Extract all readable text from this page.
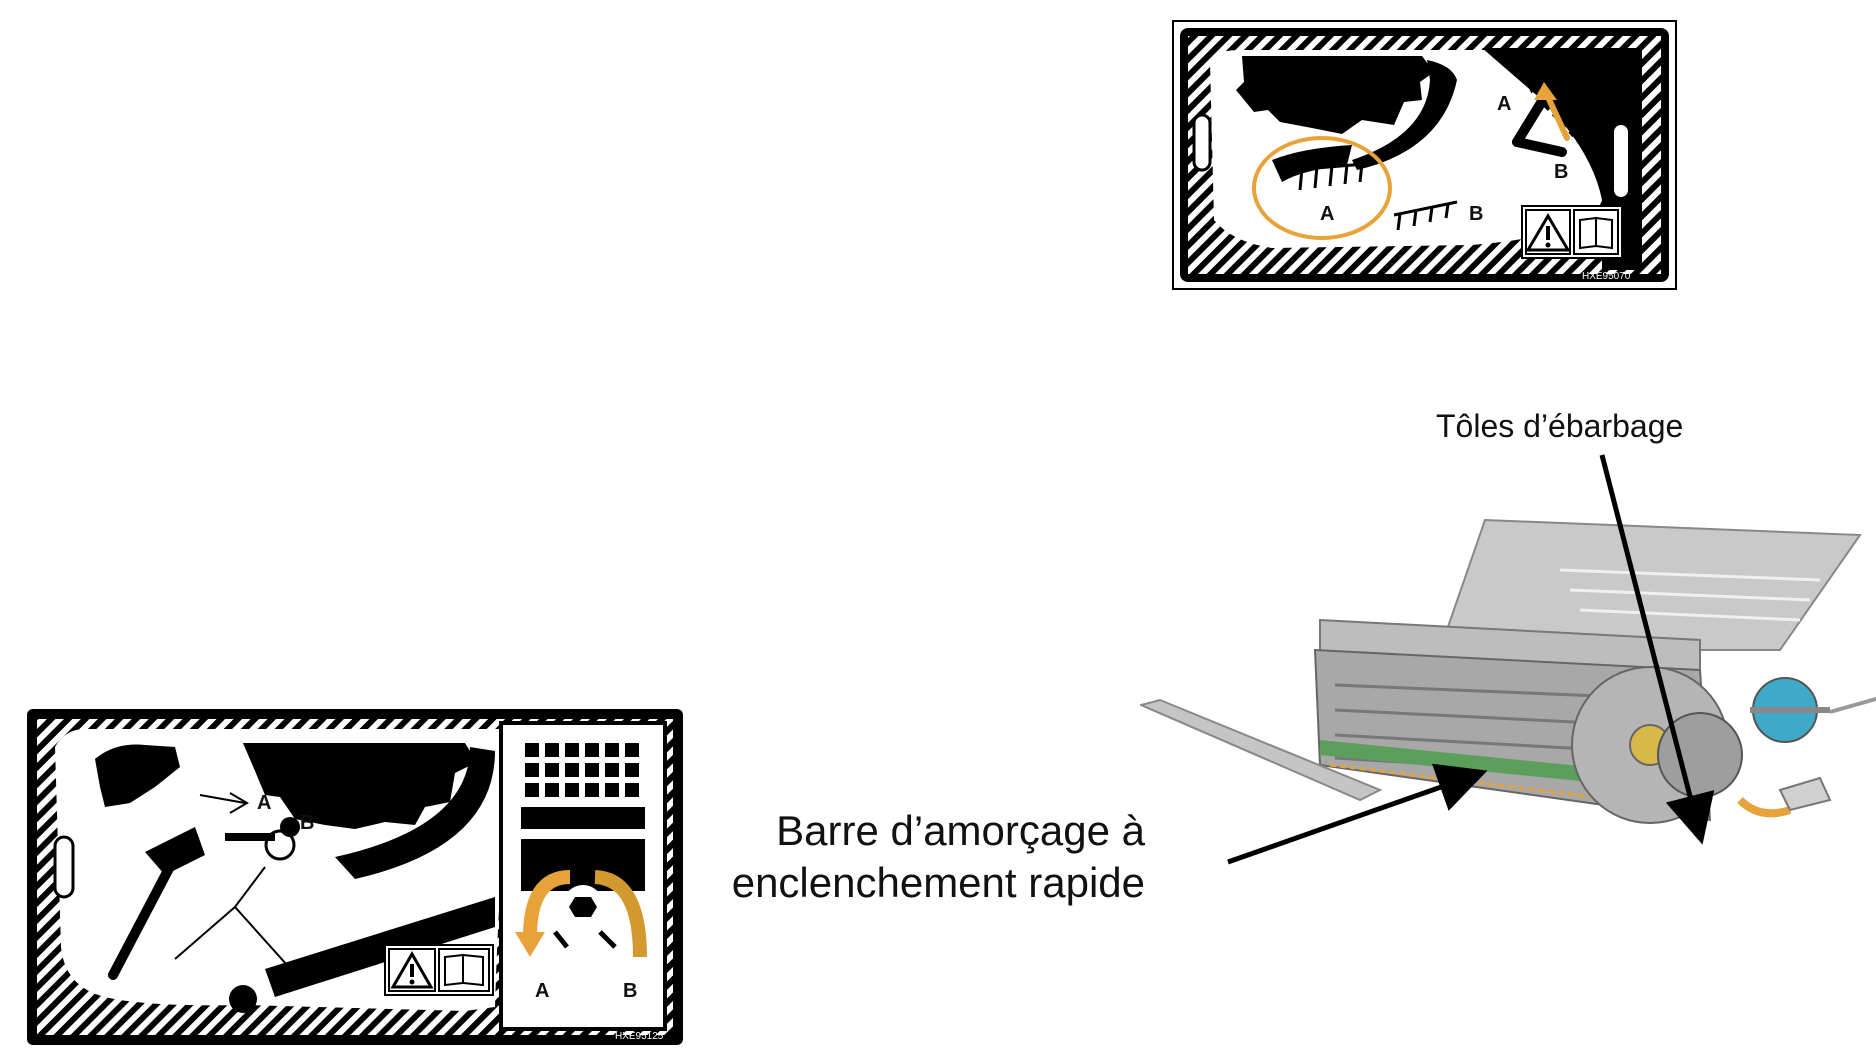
A	B
A
B
HXE95070
A
B
A	B
HXE95125
Barre d’amorçage à
enclenchement rapide
Tôles d’ébarbage
